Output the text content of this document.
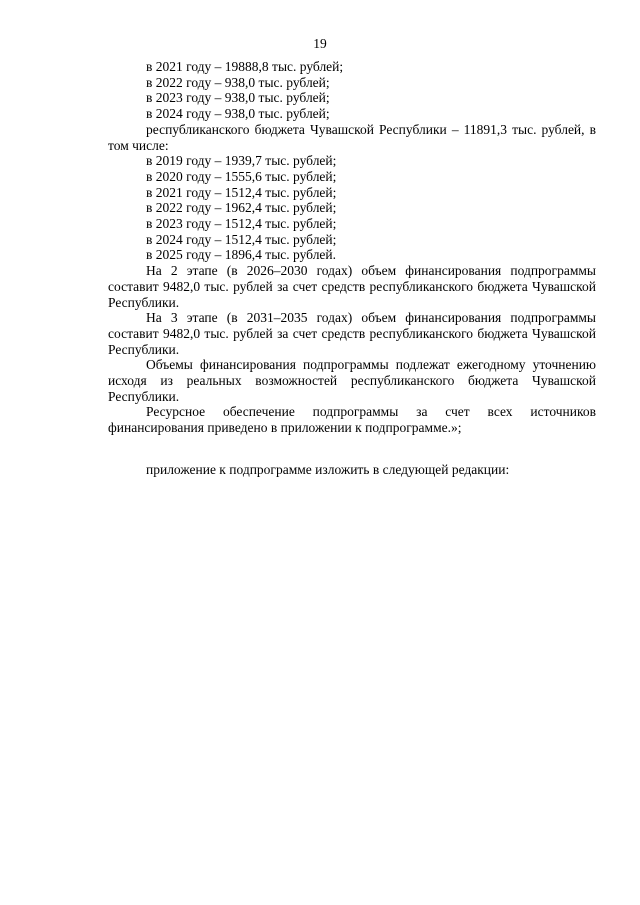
19
в 2021 году – 19888,8 тыс. рублей;
в 2022 году – 938,0 тыс. рублей;
в 2023 году – 938,0 тыс. рублей;
в 2024 году – 938,0 тыс. рублей;
республиканского бюджета Чувашской Республики – 11891,3 тыс. рублей, в том числе:
в 2019 году – 1939,7 тыс. рублей;
в 2020 году – 1555,6 тыс. рублей;
в 2021 году – 1512,4 тыс. рублей;
в 2022 году – 1962,4 тыс. рублей;
в 2023 году – 1512,4 тыс. рублей;
в 2024 году – 1512,4 тыс. рублей;
в 2025 году – 1896,4 тыс. рублей.
На 2 этапе (в 2026–2030 годах) объем финансирования подпрограммы составит 9482,0 тыс. рублей за счет средств республиканского бюджета Чувашской Республики.
На 3 этапе (в 2031–2035 годах) объем финансирования подпрограммы составит 9482,0 тыс. рублей за счет средств республиканского бюджета Чувашской Республики.
Объемы финансирования подпрограммы подлежат ежегодному уточнению исходя из реальных возможностей республиканского бюджета Чувашской Республики.
Ресурсное обеспечение подпрограммы за счет всех источников финансирования приведено в приложении к подпрограмме.»;
приложение к подпрограмме изложить в следующей редакции:
